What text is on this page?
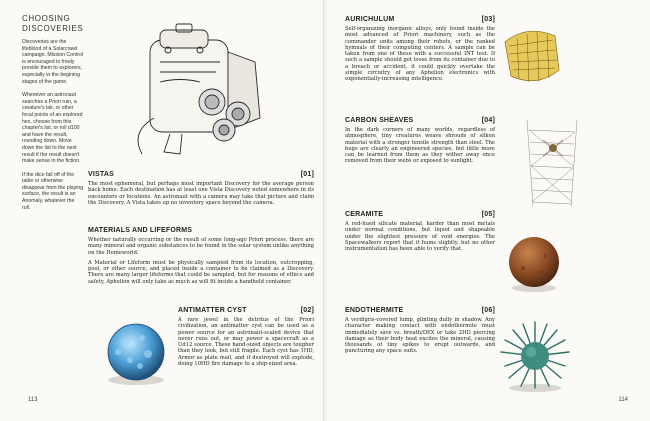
CHOOSING DISCOVERIES

Discoveries are the lifeblood of a Solarcrawl campaign. Mission Control is encouraged to freely provide them to explorers, especially in the begining stages of the game.

Whenever an astronaut searches a Priori ruin, a creature's lair, or other focal points of an explored hex, choose from this chapter's list, or roll d100 and have the result, rounding down. Move down the list to the next result if the result doesn't make sense in the fiction.

If the dice fall off of the table or otherwise disappear from the playing surface, the result is an Anomaly, whatever the roll.

VISTAS	[01]

The most ephemeral, but perhaps most important Discovery for the average person back home. Each destination has at least one Vista Discovery noted somewhere in its encounters or locations. An astronaut with a camera may take that picture and claim the Discovery. A Vista takes up no inventory space beyond the camera.

MATERIALS AND LIFEFORMS

Whether naturally occurring or the result of some long-ago Priori process, there are many mineral and organic substances to be found in the solar system unlike anything on the Homeworld.

A Material or Lifeform must be physically sampled from its location, outcropping, pool, or other source, and placed inside a container to be claimed as a Discovery. There are many larger lifeforms that could be sampled, but for reasons of ethics and safety, Aphelion will only take as much as will fit inside a handheld container.

ANTIMATTER CYST	[02]

A rare jewel in the detritus of the Priori civilization, an antimatter cyst can be used as a power source for an astronaut-scaled device that never runs out, or may power a spacecraft as a Ud12 source. These hand-sized objects are tougher than they look, but still fragile. Each cyst has 1HD, Armor as plate mail, and if destroyed will explode, doing 10HD fire damage to a ship-sized area.

113
AURICHULUM	[03]

Self-organizing inorganic alloys, only found inside the most advanced of Priori machinery, such as the commander units among their robots, or the ranked hymnals of their computing centers. A sample can be taken from one of these with a successful INT test. If such a sample should get loose from its container due to a breach or accident, it could quickly overtake the simple circuitry of any Aphelion electronics with exponentially-increasing intelligence.

CARBON SHEAVES	[04]

In the dark corners of many worlds, regardless of atmosphere, tiny creatures weave shrouds of silken material with a stronger tensile strength than steel. The bugs are clearly an engineered species, but little more can be learned from them as they wither away once removed from their webs or exposed to sunlight.

CERAMITE	[05]

A red-hued silicate material, harder than most metals under normal conditions, but liquid and shapeable under the slightest pressure of void energies. The Spacewalkers report that it hums slightly, but no other instrumentation has been able to verify that.

ENDOTHERMITE	[06]

A verdigris-covered lump, glinting dully in shadow. Any character making contact with endothermite must immediately save vs. breath/DEX or take 2HD piercing damage as their body heat excites the mineral, causing thousands of tiny spikes to erupt outwards, and puncturing any space suits.

114
